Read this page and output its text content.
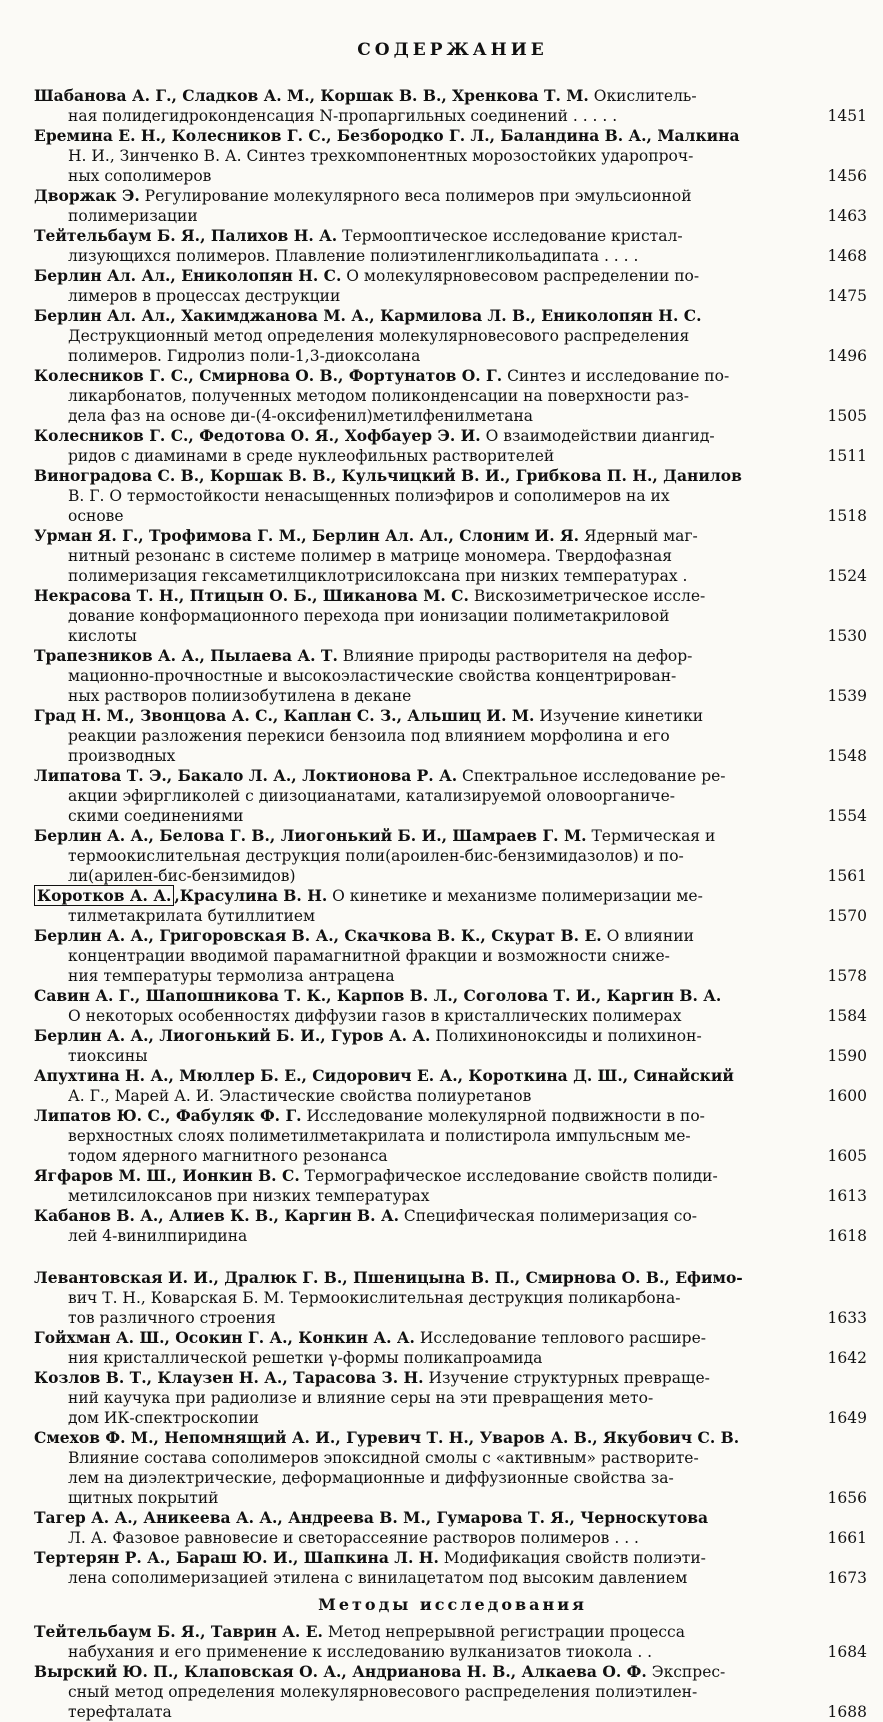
СОДЕРЖАНИЕ
Шабанова А. Г., Сладков А. М., Коршак В. В., Хренкова Т. М. Окислитель-
ная полидегидроконденсация N-пропаргильных соединений . . . . .	1451
Еремина Е. Н., Колесников Г. С., Безбородко Г. Л., Баландина В. А., Малкина
Н. И., Зинченко В. А. Синтез трехкомпонентных морозостойких ударопроч-
ных сополимеров	1456
Дворжак Э. Регулирование молекулярного веса полимеров при эмульсионной
полимеризации	1463
Тейтельбаум Б. Я., Палихов Н. А. Термооптическое исследование кристал-
лизующихся полимеров. Плавление полиэтиленгликольадипата . . . .	1468
Берлин Ал. Ал., Ениколопян Н. С. О молекулярновесовом распределении по-
лимеров в процессах деструкции	1475
Берлин Ал. Ал., Хакимджанова М. А., Кармилова Л. В., Ениколопян Н. С.
Деструкционный метод определения молекулярновесового распределения
полимеров. Гидролиз поли-1,3-диоксолана	1496
Колесников Г. С., Смирнова О. В., Фортунатов О. Г. Синтез и исследование по-
ликарбонатов, полученных методом поликонденсации на поверхности раз-
дела фаз на основе ди-(4-оксифенил)метилфенилметана	1505
Колесников Г. С., Федотова О. Я., Хофбауер Э. И. О взаимодействии диангид-
ридов с диаминами в среде нуклеофильных растворителей	1511
Виноградова С. В., Коршак В. В., Кульчицкий В. И., Грибкова П. Н., Данилов
В. Г. О термостойкости ненасыщенных полиэфиров и сополимеров на их
основе	1518
Урман Я. Г., Трофимова Г. М., Берлин Ал. Ал., Слоним И. Я. Ядерный маг-
нитный резонанс в системе полимер в матрице мономера. Твердофазная
полимеризация гексаметилциклотрисилоксана при низких температурах .	1524
Некрасова Т. Н., Птицын О. Б., Шиканова М. С. Вискозиметрическое иссле-
дование конформационного перехода при ионизации полиметакриловой
кислоты	1530
Трапезников А. А., Пылаева А. Т. Влияние природы растворителя на дефор-
мационно-прочностные и высокоэластические свойства концентрирован-
ных растворов полиизобутилена в декане	1539
Град Н. М., Звонцова А. С., Каплан С. З., Альшиц И. М. Изучение кинетики
реакции разложения перекиси бензоила под влиянием морфолина и его
производных	1548
Липатова Т. Э., Бакало Л. А., Локтионова Р. А. Спектральное исследование ре-
акции эфиргликолей с диизоцианатами, катализируемой оловоорганиче-
скими соединениями	1554
Берлин А. А., Белова Г. В., Лиогонький Б. И., Шамраев Г. М. Термическая и
термоокислительная деструкция поли(ароилен-бис-бензимидазолов) и по-
ли(арилен-бис-бензимидов)	1561
Коротков А. А. ,Красулина В. Н. О кинетике и механизме полимеризации ме-
тилметакрилата бутиллитием	1570
Берлин А. А., Григоровская В. А., Скачкова В. К., Скурат В. Е. О влиянии
концентрации вводимой парамагнитной фракции и возможности сниже-
ния температуры термолиза антрацена	1578
Савин А. Г., Шапошникова Т. К., Карпов В. Л., Соголова Т. И., Каргин В. А.
О некоторых особенностях диффузии газов в кристаллических полимерах	1584
Берлин А. А., Лиогонький Б. И., Гуров А. А. Полихиноноксиды и полихинон-
тиоксины	1590
Апухтина Н. А., Мюллер Б. Е., Сидорович Е. А., Короткина Д. Ш., Синайский
А. Г., Марей А. И. Эластические свойства полиуретанов	1600
Липатов Ю. С., Фабуляк Ф. Г. Исследование молекулярной подвижности в по-
верхностных слоях полиметилметакрилата и полистирола импульсным ме-
тодом ядерного магнитного резонанса	1605
Ягфаров М. Ш., Ионкин В. С. Термографическое исследование свойств полиди-
метилсилоксанов при низких температурах	1613
Кабанов В. А., Алиев К. В., Каргин В. А. Специфическая полимеризация со-
лей 4-винилпиридина	1618
Левантовская И. И., Дралюк Г. В., Пшеницына В. П., Смирнова О. В., Ефимо-
вич Т. Н., Коварская Б. М. Термоокислительная деструкция поликарбона-
тов различного строения	1633
Гойхман А. Ш., Осокин Г. А., Конкин А. А. Исследование теплового расшире-
ния кристаллической решетки γ-формы поликапроамида	1642
Козлов В. Т., Клаузен Н. А., Тарасова З. Н. Изучение структурных превраще-
ний каучука при радиолизе и влияние серы на эти превращения мето-
дом ИК-спектроскопии	1649
Смехов Ф. М., Непомнящий А. И., Гуревич Т. Н., Уваров А. В., Якубович С. В.
Влияние состава сополимеров эпоксидной смолы с «активным» растворите-
лем на диэлектрические, деформационные и диффузионные свойства за-
щитных покрытий	1656
Тагер А. А., Аникеева А. А., Андреева В. М., Гумарова Т. Я., Черноскутова
Л. А. Фазовое равновесие и светорассеяние растворов полимеров . . .	1661
Тертерян Р. А., Бараш Ю. И., Шапкина Л. Н. Модификация свойств полиэти-
лена сополимеризацией этилена с винилацетатом под высоким давлением	1673
Методы исследования
Тейтельбаум Б. Я., Таврин А. Е. Метод непрерывной регистрации процесса
набухания и его применение к исследованию вулканизатов тиокола . .	1684
Вырский Ю. П., Клаповская О. А., Андрианова Н. В., Алкаева О. Ф. Экспрес-
сный метод определения молекулярновесового распределения полиэтилен-
терефталата	1688
